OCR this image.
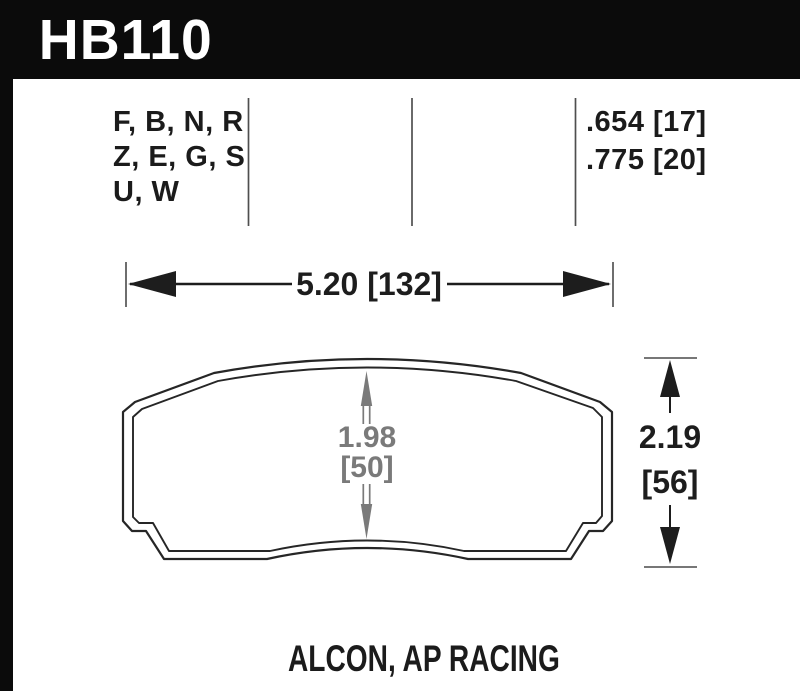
5.20 [132]
1.98
[50]
2.19
[56]
HB110
F, B, N, R
Z, E, G, S
U, W
.654 [17]
.775 [20]
ALCON, AP RACING
